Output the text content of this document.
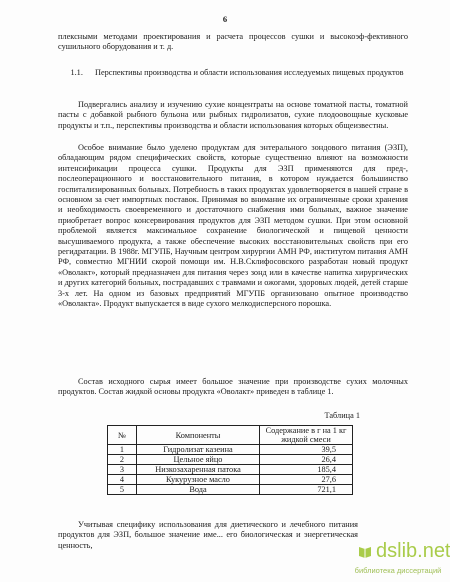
6

плексными методами проектирования и расчета процессов сушки и высокоэф-фективного сушильного оборудования и т. д.

1.1. Перспективы производства и области использования исследуемых пищевых продуктов

Подвергались анализу и изучению сухие концентраты на основе томатной пасты, томатной пасты с добавкой рыбного бульона или рыбных гидролизатов, сухие плодоовощные кусковые продукты и т.п., перспективы производства и области использования которых общеизвестны.

Особое внимание было уделено продуктам для энтерального зондового питания (ЭЗП), обладающим рядом специфических свойств, которые существенно влияют на возможности интенсификации процесса сушки. Продукты для ЭЗП применяются для пред-, послеоперационного и восстановительного питания, в котором нуждается большинство госпитализированных больных. Потребность в таких продуктах удовлетворяется в нашей стране в основном за счет импортных поставок. Принимая во внимание их ограниченные сроки хранения и необходимость своевременного и достаточного снабжения ими больных, важное значение приобретает вопрос консервирования продуктов для ЭЗП методом сушки. При этом основной проблемой является максимальное сохранение биологической и пищевой ценности высушиваемого продукта, а также обеспечение высоких восстановительных свойств при его регидратации. В 1988г. МГУПБ, Научным центром хирургии АМН РФ, институтом питания АМН РФ, совместно МГНИИ скорой помощи им. Н.В.Склифосовского разработан новый продукт «Оволакт», который предназначен для питания через зонд или в качестве напитка хирургических и других категорий больных, пострадавших с травмами и ожогами, здоровых людей, детей старше 3-х лет. На одном из базовых предприятий МГУПБ организовано опытное производство «Оволакта». Продукт выпускается в виде сухого мелкодисперсного порошка.

Состав исходного сырья имеет большое значение при производстве сухих молочных продуктов. Состав жидкой основы продукта «Оволакт» приведен в таблице 1.

Таблица 1
№	Компоненты	Содержание в г на 1 кг жидкой смеси
1	Гидролизат казеина	39,5
2	Цельное яйцо	26,4
3	Низкозахаренная патока	185,4
4	Кукурузное масло	27,6
5	Вода	721,1

Учитывая специфику использования для диетического и лечебного питания продуктов для ЭЗП, большое значение име... его биологическая и энергетическая ценность,	dslib.net
библиотека диссертаций
